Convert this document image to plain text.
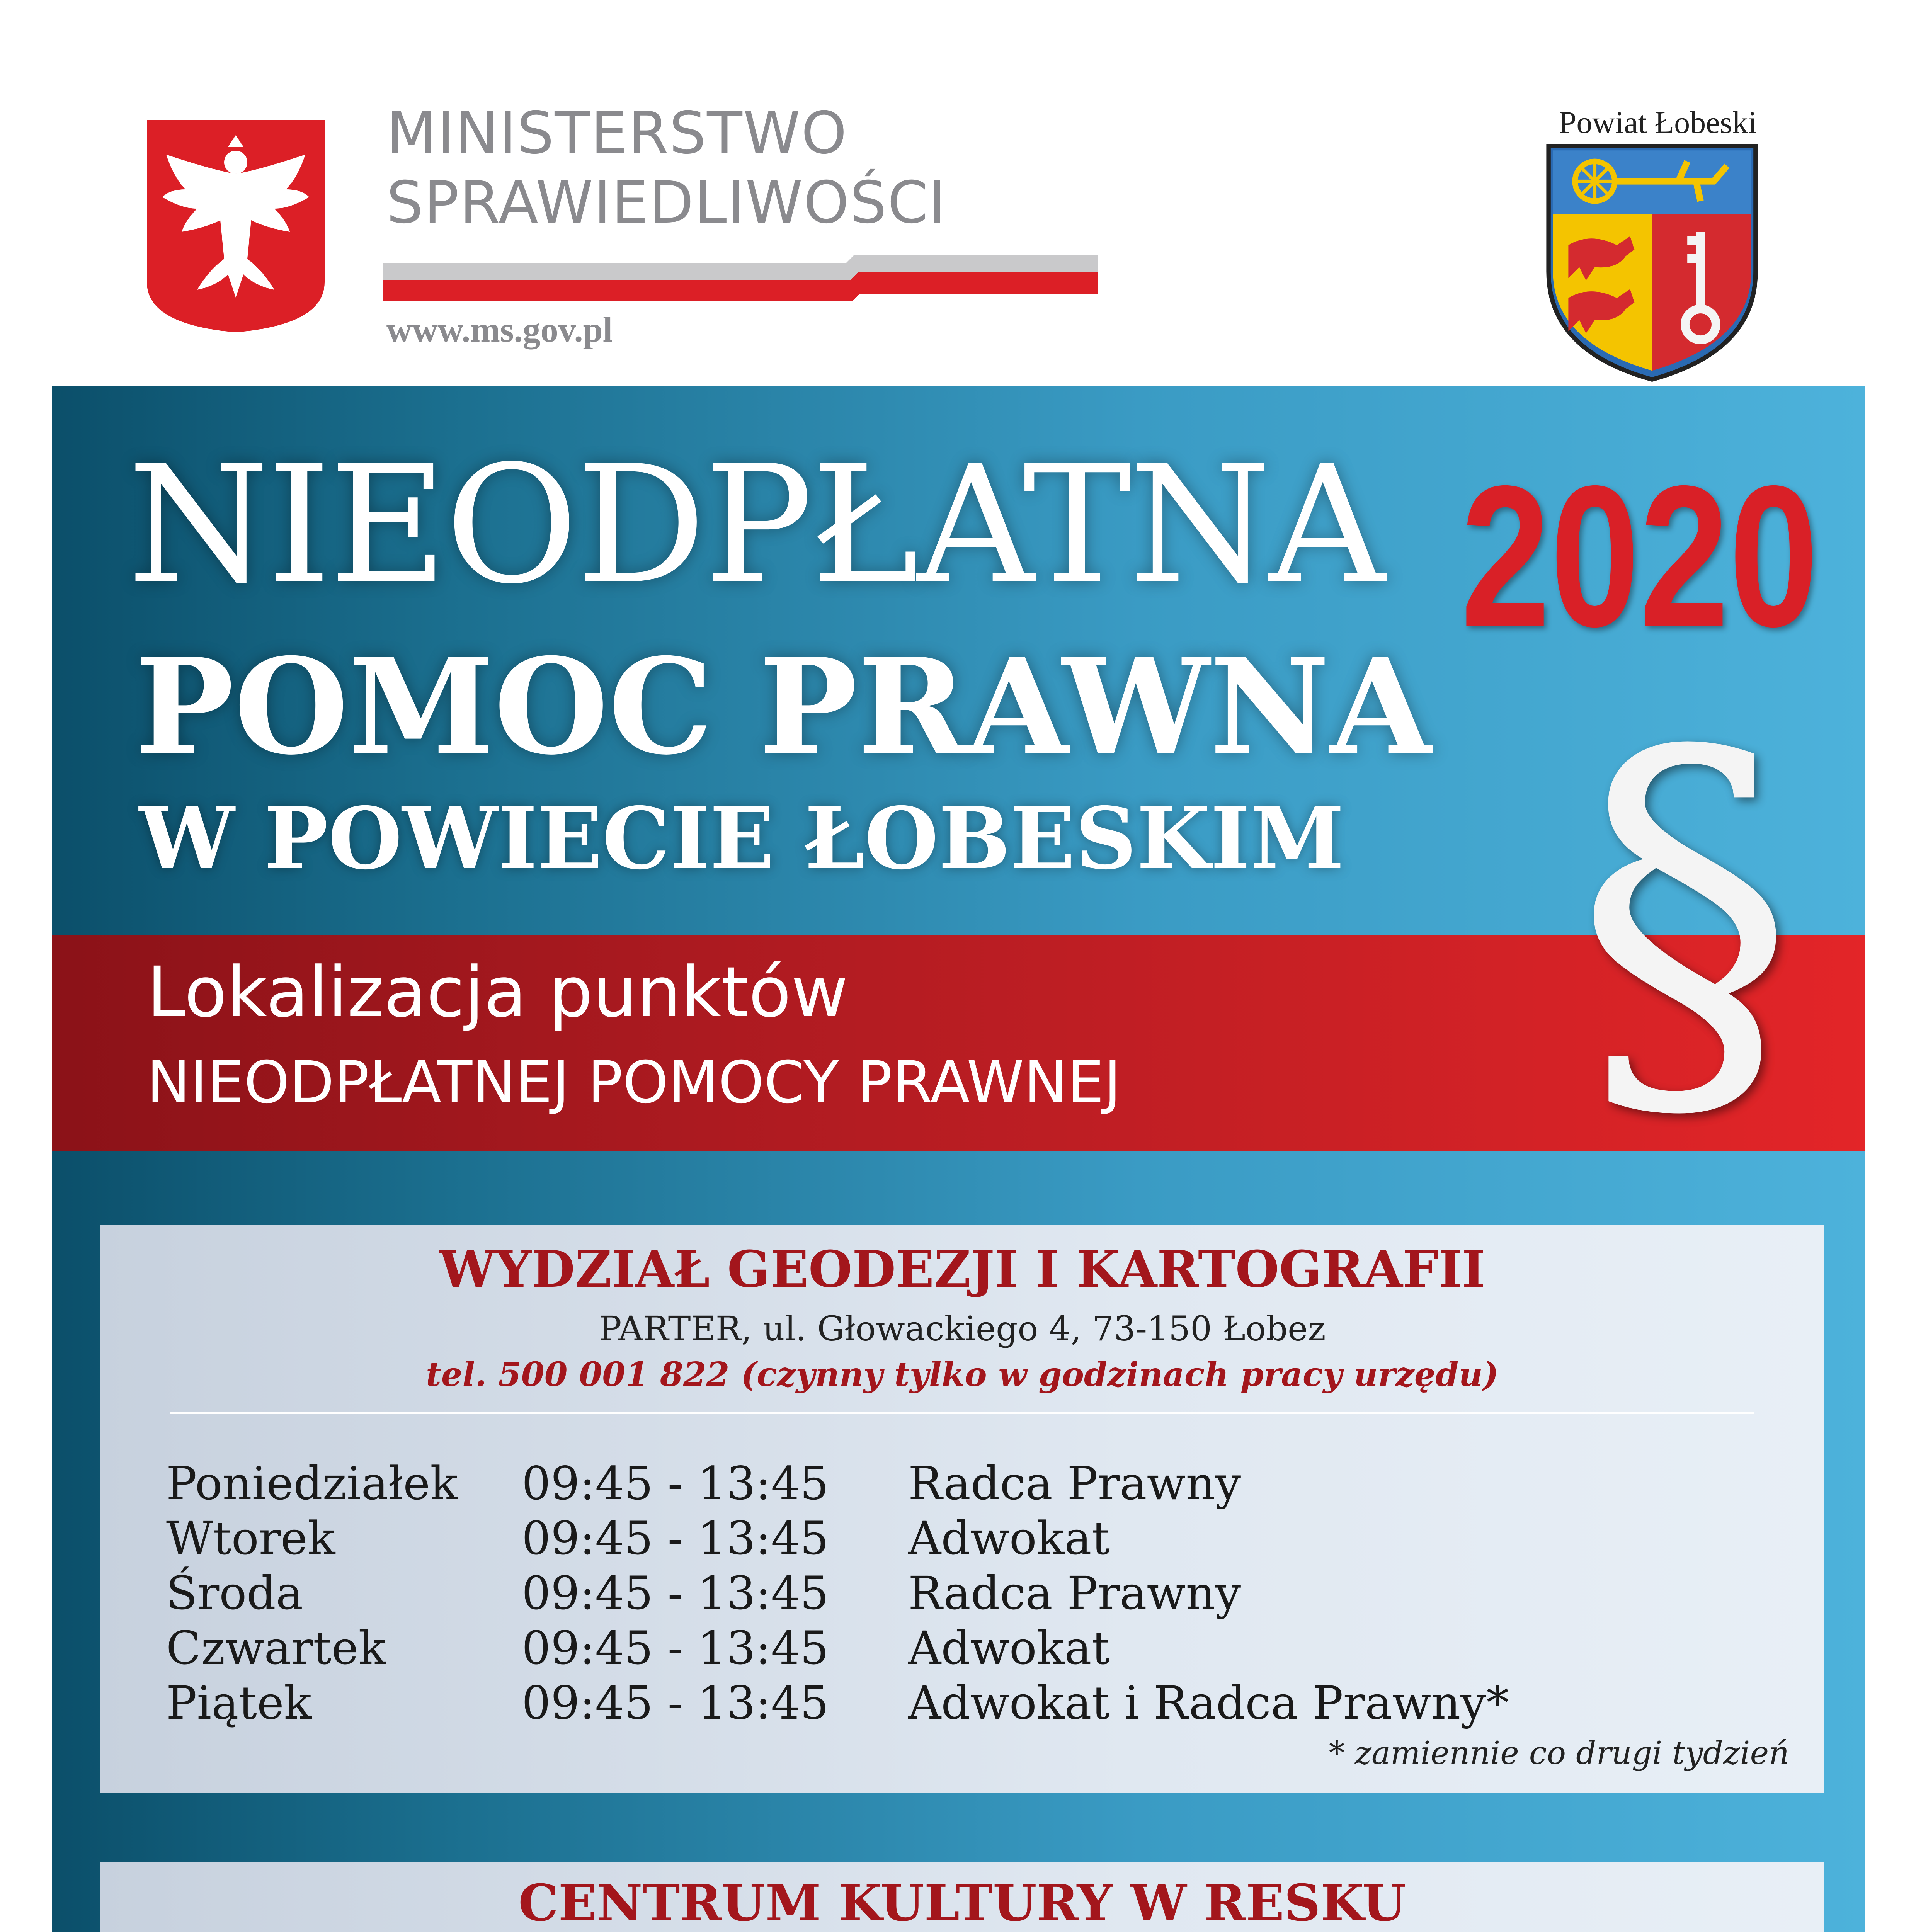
MINISTERSTWO
SPRAWIEDLIWOŚCI
www.ms.gov.pl
Powiat Łobeski
NIEODPŁATNA 2020
POMOC PRAWNA
W POWIECIE ŁOBESKIM §
Lokalizacja punktów
NIEODPŁATNEJ POMOCY PRAWNEJ
WYDZIAŁ GEODEZJI I KARTOGRAFII
PARTER, ul. Głowackiego 4, 73-150 Łobez
tel. 500 001 822 (czynny tylko w godzinach pracy urzędu)
Poniedziałek 09:45 - 13:45 Radca Prawny
Wtorek	09:45 - 13:45 Adwokat
Środa	09:45 - 13:45 Radca Prawny
Czwartek	09:45 - 13:45 Adwokat
Piątek	09:45 - 13:45 Adwokat i Radca Prawny*
* zamiennie co drugi tydzień
CENTRUM KULTURY W RESKU
